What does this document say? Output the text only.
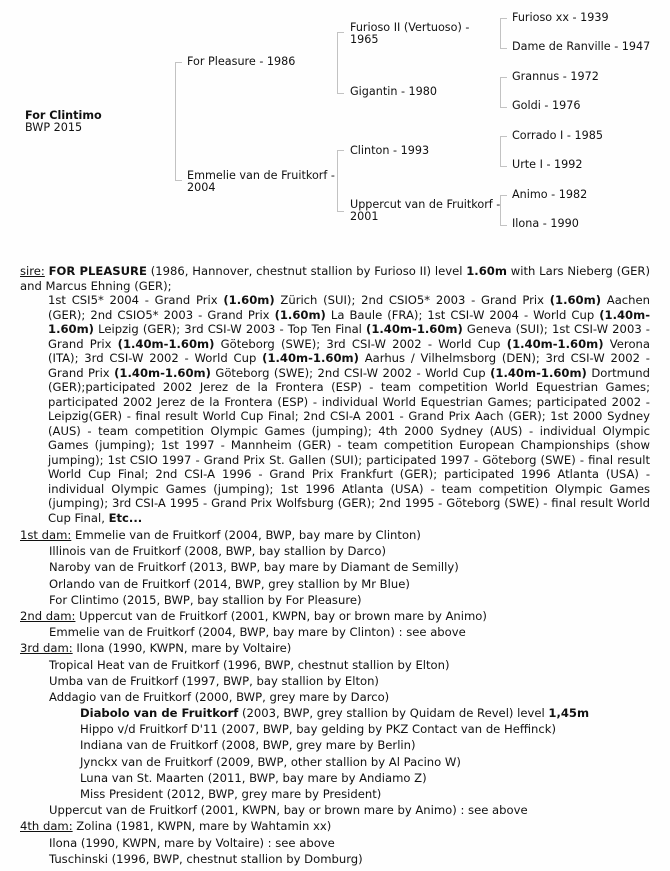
For Clintimo
BWP 2015
For Pleasure - 1986
Emmelie van de Fruitkorf - 2004
Furioso II (Vertuoso) - 1965
Gigantin - 1980
Clinton - 1993
Uppercut van de Fruitkorf - 2001
Furioso xx - 1939
Dame de Ranville - 1947
Grannus - 1972
Goldi - 1976
Corrado I - 1985
Urte I - 1992
Animo - 1982
Ilona - 1990

sire: FOR PLEASURE (1986, Hannover, chestnut stallion by Furioso II) level 1.60m with Lars Nieberg (GER) and Marcus Ehning (GER);
1st CSI5* 2004 - Grand Prix (1.60m) Zürich (SUI); 2nd CSIO5* 2003 - Grand Prix (1.60m) Aachen (GER); 2nd CSIO5* 2003 - Grand Prix (1.60m) La Baule (FRA); 1st CSI-W 2004 - World Cup (1.40m-1.60m) Leipzig (GER); 3rd CSI-W 2003 - Top Ten Final (1.40m-1.60m) Geneva (SUI); 1st CSI-W 2003 - Grand Prix (1.40m-1.60m) Göteborg (SWE); 3rd CSI-W 2002 - World Cup (1.40m-1.60m) Verona (ITA); 3rd CSI-W 2002 - World Cup (1.40m-1.60m) Aarhus / Vilhelmsborg (DEN); 3rd CSI-W 2002 - Grand Prix (1.40m-1.60m) Göteborg (SWE); 2nd CSI-W 2002 - World Cup (1.40m-1.60m) Dortmund (GER);participated 2002 Jerez de la Frontera (ESP) - team competition World Equestrian Games; participated 2002 Jerez de la Frontera (ESP) - individual World Equestrian Games; participated 2002 - Leipzig(GER) - final result World Cup Final; 2nd CSI-A 2001 - Grand Prix Aach (GER); 1st 2000 Sydney (AUS) - team competition Olympic Games (jumping); 4th 2000 Sydney (AUS) - individual Olympic Games (jumping); 1st 1997 - Mannheim (GER) - team competition European Championships (show jumping); 1st CSIO 1997 - Grand Prix St. Gallen (SUI); participated 1997 - Göteborg (SWE) - final result World Cup Final; 2nd CSI-A 1996 - Grand Prix Frankfurt (GER); participated 1996 Atlanta (USA) - individual Olympic Games (jumping); 1st 1996 Atlanta (USA) - team competition Olympic Games (jumping); 3rd CSI-A 1995 - Grand Prix Wolfsburg (GER); 2nd 1995 - Göteborg (SWE) - final result World Cup Final, Etc...

1st dam: Emmelie van de Fruitkorf (2004, BWP, bay mare by Clinton)
Illinois van de Fruitkorf (2008, BWP, bay stallion by Darco)
Naroby van de Fruitkorf (2013, BWP, bay mare by Diamant de Semilly)
Orlando van de Fruitkorf (2014, BWP, grey stallion by Mr Blue)
For Clintimo (2015, BWP, bay stallion by For Pleasure)
2nd dam: Uppercut van de Fruitkorf (2001, KWPN, bay or brown mare by Animo)
Emmelie van de Fruitkorf (2004, BWP, bay mare by Clinton) : see above
3rd dam: Ilona (1990, KWPN, mare by Voltaire)
Tropical Heat van de Fruitkorf (1996, BWP, chestnut stallion by Elton)
Umba van de Fruitkorf (1997, BWP, bay stallion by Elton)
Addagio van de Fruitkorf (2000, BWP, grey mare by Darco)
Diabolo van de Fruitkorf (2003, BWP, grey stallion by Quidam de Revel) level 1,45m
Hippo v/d Fruitkorf D'11 (2007, BWP, bay gelding by PKZ Contact van de Heffinck)
Indiana van de Fruitkorf (2008, BWP, grey mare by Berlin)
Jynckx van de Fruitkorf (2009, BWP, other stallion by Al Pacino W)
Luna van St. Maarten (2011, BWP, bay mare by Andiamo Z)
Miss President (2012, BWP, grey mare by President)
Uppercut van de Fruitkorf (2001, KWPN, bay or brown mare by Animo) : see above
4th dam: Zolina (1981, KWPN, mare by Wahtamin xx)
Ilona (1990, KWPN, mare by Voltaire) : see above
Tuschinski (1996, BWP, chestnut stallion by Domburg)
